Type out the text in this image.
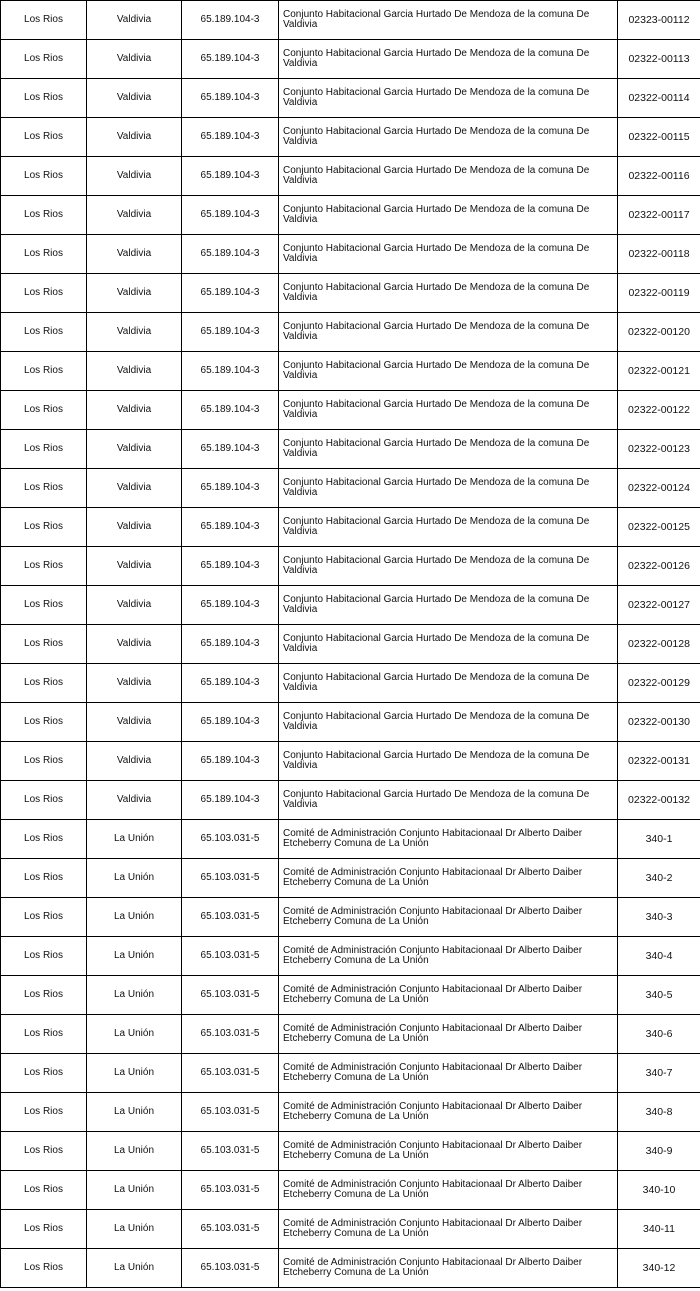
Los Rios	Valdivia	65.189.104-3	Conjunto Habitacional Garcia Hurtado De Mendoza de la comuna De Valdivia	02323-00112
Los Rios	Valdivia	65.189.104-3	Conjunto Habitacional Garcia Hurtado De Mendoza de la comuna De Valdivia	02322-00113
Los Rios	Valdivia	65.189.104-3	Conjunto Habitacional Garcia Hurtado De Mendoza de la comuna De Valdivia	02322-00114
Los Rios	Valdivia	65.189.104-3	Conjunto Habitacional Garcia Hurtado De Mendoza de la comuna De Valdivia	02322-00115
Los Rios	Valdivia	65.189.104-3	Conjunto Habitacional Garcia Hurtado De Mendoza de la comuna De Valdivia	02322-00116
Los Rios	Valdivia	65.189.104-3	Conjunto Habitacional Garcia Hurtado De Mendoza de la comuna De Valdivia	02322-00117
Los Rios	Valdivia	65.189.104-3	Conjunto Habitacional Garcia Hurtado De Mendoza de la comuna De Valdivia	02322-00118
Los Rios	Valdivia	65.189.104-3	Conjunto Habitacional Garcia Hurtado De Mendoza de la comuna De Valdivia	02322-00119
Los Rios	Valdivia	65.189.104-3	Conjunto Habitacional Garcia Hurtado De Mendoza de la comuna De Valdivia	02322-00120
Los Rios	Valdivia	65.189.104-3	Conjunto Habitacional Garcia Hurtado De Mendoza de la comuna De Valdivia	02322-00121
Los Rios	Valdivia	65.189.104-3	Conjunto Habitacional Garcia Hurtado De Mendoza de la comuna De Valdivia	02322-00122
Los Rios	Valdivia	65.189.104-3	Conjunto Habitacional Garcia Hurtado De Mendoza de la comuna De Valdivia	02322-00123
Los Rios	Valdivia	65.189.104-3	Conjunto Habitacional Garcia Hurtado De Mendoza de la comuna De Valdivia	02322-00124
Los Rios	Valdivia	65.189.104-3	Conjunto Habitacional Garcia Hurtado De Mendoza de la comuna De Valdivia	02322-00125
Los Rios	Valdivia	65.189.104-3	Conjunto Habitacional Garcia Hurtado De Mendoza de la comuna De Valdivia	02322-00126
Los Rios	Valdivia	65.189.104-3	Conjunto Habitacional Garcia Hurtado De Mendoza de la comuna De Valdivia	02322-00127
Los Rios	Valdivia	65.189.104-3	Conjunto Habitacional Garcia Hurtado De Mendoza de la comuna De Valdivia	02322-00128
Los Rios	Valdivia	65.189.104-3	Conjunto Habitacional Garcia Hurtado De Mendoza de la comuna De Valdivia	02322-00129
Los Rios	Valdivia	65.189.104-3	Conjunto Habitacional Garcia Hurtado De Mendoza de la comuna De Valdivia	02322-00130
Los Rios	Valdivia	65.189.104-3	Conjunto Habitacional Garcia Hurtado De Mendoza de la comuna De Valdivia	02322-00131
Los Rios	Valdivia	65.189.104-3	Conjunto Habitacional Garcia Hurtado De Mendoza de la comuna De Valdivia	02322-00132
Los Rios	La Unión	65.103.031-5	Comité de Administración Conjunto Habitacionaal Dr Alberto Daiber Etcheberry Comuna de La Unión	340-1
Los Rios	La Unión	65.103.031-5	Comité de Administración Conjunto Habitacionaal Dr Alberto Daiber Etcheberry Comuna de La Unión	340-2
Los Rios	La Unión	65.103.031-5	Comité de Administración Conjunto Habitacionaal Dr Alberto Daiber Etcheberry Comuna de La Unión	340-3
Los Rios	La Unión	65.103.031-5	Comité de Administración Conjunto Habitacionaal Dr Alberto Daiber Etcheberry Comuna de La Unión	340-4
Los Rios	La Unión	65.103.031-5	Comité de Administración Conjunto Habitacionaal Dr Alberto Daiber Etcheberry Comuna de La Unión	340-5
Los Rios	La Unión	65.103.031-5	Comité de Administración Conjunto Habitacionaal Dr Alberto Daiber Etcheberry Comuna de La Unión	340-6
Los Rios	La Unión	65.103.031-5	Comité de Administración Conjunto Habitacionaal Dr Alberto Daiber Etcheberry Comuna de La Unión	340-7
Los Rios	La Unión	65.103.031-5	Comité de Administración Conjunto Habitacionaal Dr Alberto Daiber Etcheberry Comuna de La Unión	340-8
Los Rios	La Unión	65.103.031-5	Comité de Administración Conjunto Habitacionaal Dr Alberto Daiber Etcheberry Comuna de La Unión	340-9
Los Rios	La Unión	65.103.031-5	Comité de Administración Conjunto Habitacionaal Dr Alberto Daiber Etcheberry Comuna de La Unión	340-10
Los Rios	La Unión	65.103.031-5	Comité de Administración Conjunto Habitacionaal Dr Alberto Daiber Etcheberry Comuna de La Unión	340-11
Los Rios	La Unión	65.103.031-5	Comité de Administración Conjunto Habitacionaal Dr Alberto Daiber Etcheberry Comuna de La Unión	340-12
